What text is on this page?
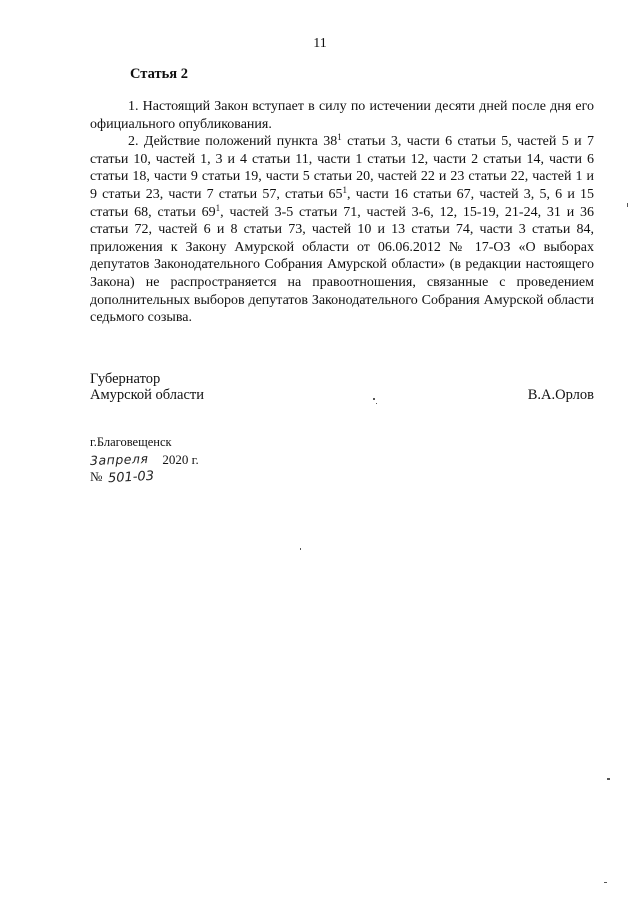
11
Статья 2

1. Настоящий Закон вступает в силу по истечении десяти дней после дня его официального опубликования.

2. Действие положений пункта $38^1$ статьи 3, части 6 статьи 5, частей 5 и 7 статьи 10, частей 1, 3 и 4 статьи 11, части 1 статьи 12, части 2 статьи 14, части 6 статьи 18, части 9 статьи 19, части 5 статьи 20, частей 22 и 23 статьи 22, частей 1 и 9 статьи 23, части 7 статьи 57, статьи $65^1$, части 16 статьи 67, частей 3, 5, 6 и 15 статьи 68, статьи $69^1$, частей 3-5 статьи 71, частей 3-6, 12, 15-19, 21-24, 31 и 36 статьи 72, частей 6 и 8 статьи 73, частей 10 и 13 статьи 74, части 3 статьи 84, приложения к Закону Амурской области от 06.06.2012 № 17-ОЗ «О выборах депутатов Законодательного Собрания Амурской области» (в редакции настоящего Закона) не распространяется на правоотношения, связанные с проведением дополнительных выборов депутатов Законодательного Собрания Амурской области седьмого созыва.

Губернатор
Амурской области	В.А.Орлов
г.Благовещенск
3апреля 2020 г.
№ 501-03
